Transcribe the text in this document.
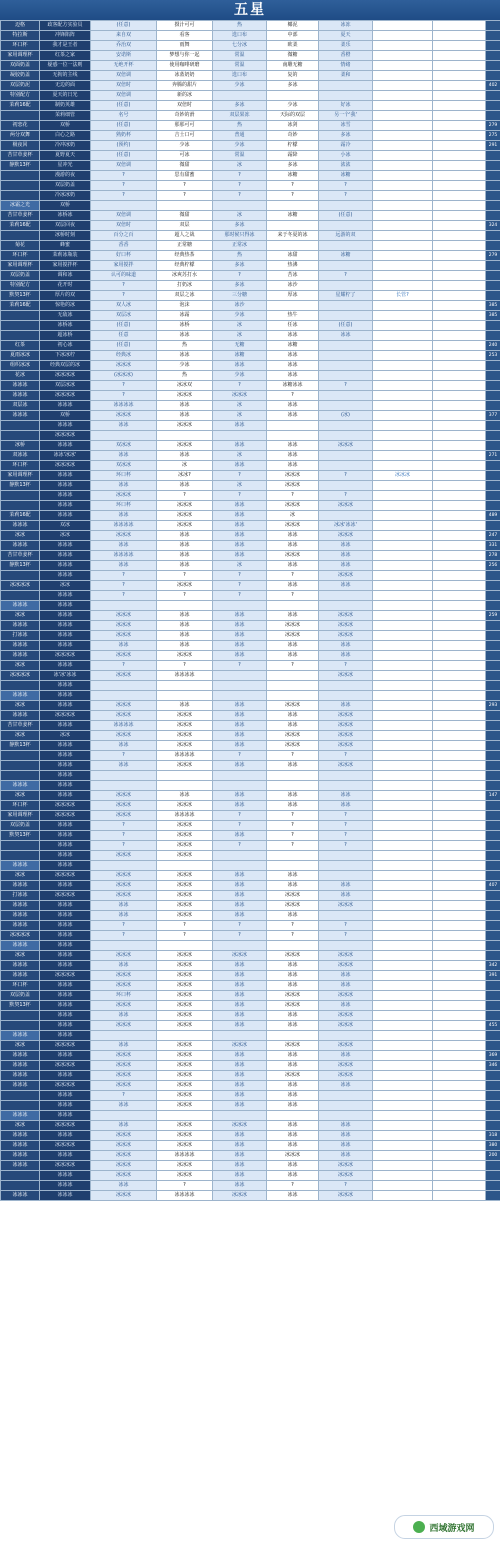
五星
迈格	政客配方实验员	(任意)	摄汁可可	热	椰泥	冰冻			
特拉斯	冲锋陷阵	来自双	看客	选口布	中部	夏天			
环口杯	我才是王者	乔治双	雨舞	七分冰	欧柔	柔乐			
家用调理杯	红茶之家	安诺斯	梦想与你一起	常温	微糖	香橙			
双面奶盖	疑惑一位一法则	无绝开杯	使用咖啡研磨	常温	南雕无糖	情绪			
凝胶奶盖	无拘的主线	双倍调	冰蓝奶奶	选口布	复的	柔和			
双层奶泥	无边的面	双倍时	奔腾的甜片	少冰	多冰				402
特别配方	夏天的日光	双倍调	新的冰						
茉莉16配	制奶英雄	(任意)	双倍时	多冰	少冰	好冰			
	茉莉细管	名号	奇妙的滑	双层果冻	天际的双层	另一个'我'			
初恋花	双桥	(任意)	那那可可	热	冰剑	冰雪			279
两分双舞	白心之路	熟奶杯	吉士口可	普通	奇妙	多冰			275
极夜回	冷冲冰奶	(预约)	少冰	少冰	柠檬	霜冷			291
苦甘草姜杯	夏野夏天	(任意)	可冰	常温	霜降	小冰			
静默13杯	星冲光	双倍调	微甜	冰	多冰	浓浓			
	漫游的夜	?	思有甜蜜	?	冰糖	冰糖			
	双层奶盖	?	?	?	?	?			
	冷冰冰奶	?	?	?	?	?			
冰霜之光	双桥								
苦甘草姜杯	冰桥冰	双倍调	微甜	冰	冰糖	(任意)			
茉莉16配	双层回夜	双倍时	双层	多冰					324
	冰桥时刻	百分之百	超人之战	那时候只得冰	来于冬夏的冰	远游的双			
菊花	蜂蜜	香香	正常糖	正常冰					
环口杯	茉莉冰瓶装	好口杯	经典热茶	热	冰甜	冰糖			279
家用调理杯	家用搅拌杯	家用搅拌	经典柠檬	多冰	热沸				
双层奶盖	调和冰	认可的味道	冰爽苏打水	?	苦冰	?			
特别配方	花开时	?	打奶冰	多冰	冰沙				
默契13杯	厚片的双	?	双层之冰	三分糖	厚冰	星耀柠了	长管?		
茉莉16配	惊艳的冰	双人冰	泡沫	冰沙					385
	无敌冰	双层冰	冰霜	少冰	热牛				385
	冰桥冰	(任意)	冰桥	冰	任冰	(任意)			
	超冰桥	任意	冰冰	冰	冰冰	冰冰			
红茶	初心冰	(任意)	热	无糖	冰糖				240
夏雨冰冰	下冰冰柠	经典冰	冰冰	冰糖	冰冰				253
组织冰冰	经典双层的冰	冰冰冰	少冰	冰冰	冰冰				
花冰	冰冰冰冰	(冰冰冰)	热	少冰	冰冰				
冰冰冰	双层冰冰	?	冰冰双	?	冰糖冰冰	?			
冰冰冰	冰冰冰冰	?	冰冰冰	冰冰冰	?				
双层冰	冰冰冰	冰冰冰冰	冰冰	冰	冰冰				
冰冰冰	双桥	冰冰冰	冰冰	冰	冰冰	(冰)			377
	冰冰冰	冰冰	冰冰冰	冰冰					
	冰冰冰冰								
冰桥	冰冰冰	双冰冰	冰冰冰	冰冰	冰冰	冰冰冰			
双冰冰	冰冰'冰冰'	冰冰	冰冰	冰	冰冰				271
环口杯	冰冰冰冰	双冰冰	冰	冰冰	冰冰				
家用调理杯	冰冰冰	环口杯	冰冰?	?	冰冰冰	?	冰冰冰		
静默13杯	冰冰冰	冰冰	冰冰	冰	冰冰冰				
	冰冰冰	冰冰冰	?	?	?	?			
	冰冰冰	环口杯	冰冰冰	冰冰	冰冰冰	冰冰冰			
茉莉16配	冰冰冰	冰冰	冰冰冰	冰冰	冰				489
冰冰冰	双冰	冰冰冰冰	冰冰冰	冰冰	冰冰冰	冰冰'冰冰'			
冰冰	冰冰	冰冰冰	冰冰	冰冰	冰冰	冰冰冰			247
冰冰冰	冰冰冰	冰冰	冰冰	冰冰	冰冰	冰冰			331
苦甘草姜杯	冰冰冰	冰冰冰冰	冰冰	冰冰	冰冰冰	冰冰			278
静默13杯	冰冰冰	冰冰	冰冰	冰	冰冰	冰冰			256
	冰冰冰	?	?	?	?	冰冰冰			
冰冰冰冰	冰冰	?	冰冰冰	?	冰冰	冰冰			
	冰冰冰	?	?	?	?				
冰冰冰	冰冰冰								
冰冰	冰冰冰	冰冰冰	冰冰	冰冰	冰冰	冰冰冰			259
冰冰冰	冰冰冰	冰冰冰	冰冰	冰冰	冰冰冰	冰冰冰			
打冰冰	冰冰冰	冰冰冰	冰冰	冰冰	冰冰冰	冰冰冰			
冰冰冰	冰冰冰	冰冰	冰冰	冰冰	冰冰	冰冰			
冰冰冰	冰冰冰冰	冰冰冰	冰冰冰	冰冰	冰冰	冰冰			
冰冰	冰冰冰	?	?	?	?	?			
冰冰冰冰	冰'冰'冰冰	冰冰冰	冰冰冰冰			冰冰冰			
	冰冰冰								
冰冰冰	冰冰冰								
冰冰	冰冰冰	冰冰冰	冰冰	冰冰	冰冰冰	冰冰			293
冰冰冰	冰冰冰冰	冰冰冰	冰冰冰	冰冰	冰冰	冰冰冰			
苦甘草姜杯	冰冰冰	冰冰冰冰	冰冰冰	冰冰	冰冰	冰冰冰			
冰冰	冰冰	冰冰冰	冰冰冰	冰冰	冰冰冰	冰冰冰			
静默13杯	冰冰冰	冰冰	冰冰冰	冰冰	冰冰冰	冰冰冰			
	冰冰冰	?	冰冰冰冰	?	?	?			
	冰冰冰	冰冰	冰冰冰	冰冰	冰冰	冰冰冰			
	冰冰冰								
冰冰冰	冰冰冰								
冰冰	冰冰冰	冰冰冰	冰冰	冰冰	冰冰	冰冰			147
环口杯	冰冰冰冰	冰冰冰	冰冰冰	冰冰	冰冰	冰冰			
家用调理杯	冰冰冰冰	冰冰冰	冰冰冰冰	?	?	?			
双层奶盖	冰冰冰	?	冰冰冰	?	?	?			
默契13杯	冰冰冰	?	冰冰冰	冰冰	?	?			
	冰冰冰	?	冰冰冰	?	?	?			
	冰冰冰	冰冰冰	冰冰冰						
冰冰冰	冰冰冰								
冰冰	冰冰冰冰	冰冰冰	冰冰冰	冰冰	冰冰				
冰冰冰	冰冰冰	冰冰冰	冰冰冰	冰冰	冰冰	冰冰			407
打冰冰	冰冰冰冰	冰冰冰	冰冰冰	冰冰	冰冰冰	冰冰			
冰冰冰	冰冰冰	冰冰	冰冰冰	冰冰	冰冰冰	冰冰冰			
冰冰冰	冰冰冰	冰冰	冰冰冰	冰冰	冰冰				
冰冰冰	冰冰冰	?	?	?	?	?			
冰冰冰冰	冰冰冰	?	?	?	?	?			
冰冰冰	冰冰冰								
冰冰	冰冰冰	冰冰冰	冰冰冰	冰冰冰	冰冰冰	冰冰冰			
冰冰冰	冰冰冰	冰冰	冰冰冰	冰冰	冰冰	冰冰冰			342
冰冰冰	冰冰冰冰	冰冰冰	冰冰冰	冰冰	冰冰	冰冰			391
环口杯	冰冰冰	冰冰冰	冰冰冰	冰冰	冰冰	冰冰			
双层奶盖	冰冰冰	环口杯	冰冰冰	冰冰	冰冰冰	冰冰冰			
默契13杯	冰冰冰	冰冰冰	冰冰冰	冰冰	冰冰冰	冰冰			
	冰冰冰	冰冰	冰冰冰	冰冰	冰冰	冰冰冰			
	冰冰冰	冰冰冰	冰冰冰	冰冰	冰冰	冰冰冰			455
冰冰冰	冰冰冰								
冰冰	冰冰冰冰	冰冰	冰冰冰	冰冰冰	冰冰冰	冰冰冰			
冰冰冰	冰冰冰	冰冰冰	冰冰冰	冰冰	冰冰	冰冰			369
冰冰冰	冰冰冰冰	冰冰冰	冰冰冰	冰冰	冰冰	冰冰冰			346
冰冰冰	冰冰冰	冰冰冰	冰冰冰	冰冰	冰冰冰	冰冰冰			
冰冰冰	冰冰冰冰	冰冰冰	冰冰冰	冰冰	冰冰	冰冰			
	冰冰冰	?	冰冰冰	冰冰	冰冰				
	冰冰冰	冰冰	冰冰冰	冰冰	冰冰				
冰冰冰	冰冰冰								
冰冰	冰冰冰冰	冰冰	冰冰冰	冰冰冰	冰冰	冰冰			
冰冰冰	冰冰冰	冰冰冰	冰冰冰	冰冰	冰冰	冰冰			318
冰冰冰	冰冰冰冰	冰冰冰	冰冰冰	冰冰	冰冰	冰冰			380
冰冰冰	冰冰冰	冰冰冰	冰冰冰冰	冰冰	冰冰冰	冰冰			200
冰冰冰	冰冰冰冰	冰冰冰	冰冰冰	冰冰	冰冰	冰冰冰			
	冰冰冰	冰冰冰	冰冰冰	冰冰	冰冰	冰冰冰			
	冰冰冰	冰冰	?	冰冰	?	?			
冰冰冰	冰冰冰	冰冰冰	冰冰冰冰	冰冰冰	冰冰	冰冰冰			
西域游戏网
